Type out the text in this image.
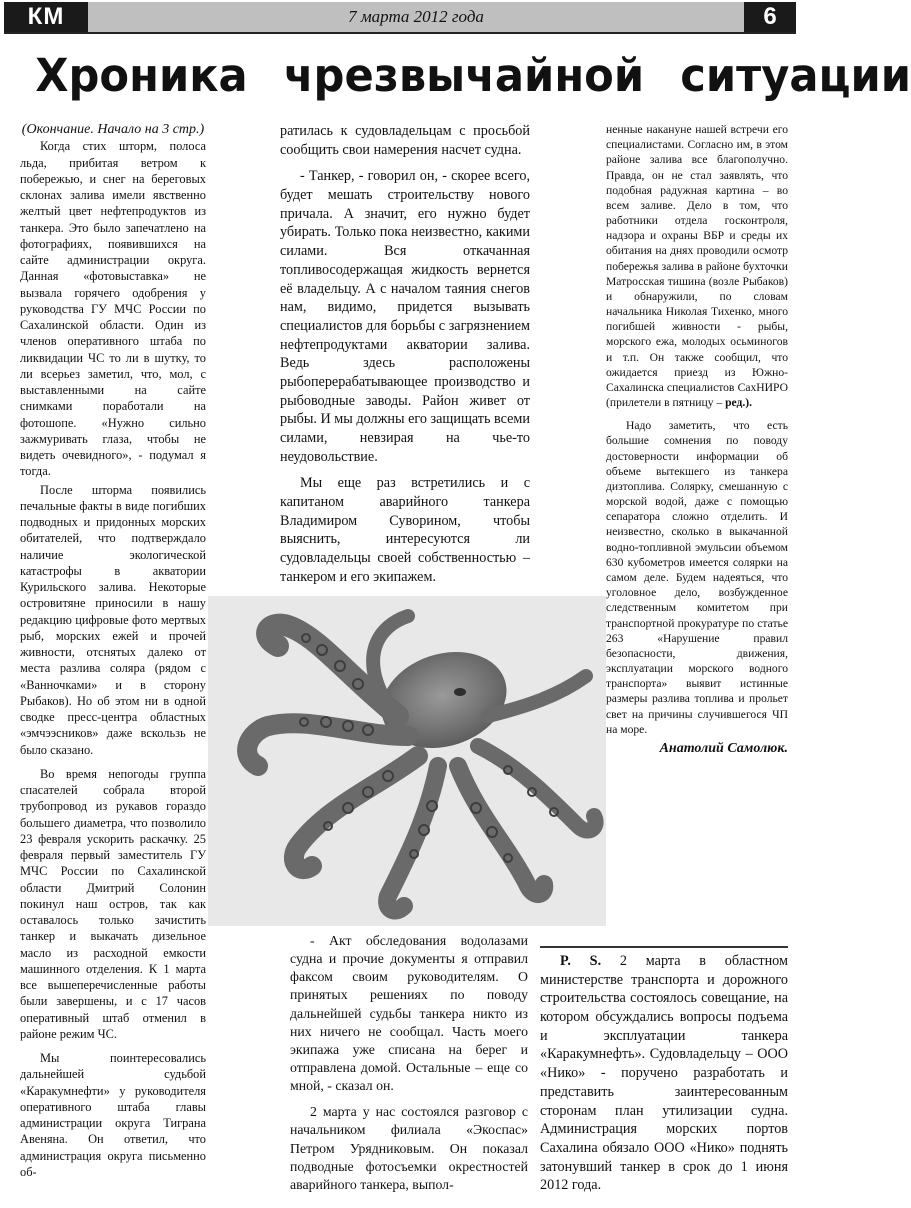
КМ	7 марта 2012 года	6
Хроника чрезвычайной ситуации

(Окончание. Начало на 3 стр.)

Когда стих шторм, полоса льда, прибитая ветром к побережью, и снег на береговых склонах залива имели явственно желтый цвет нефтепродуктов из танкера. Это было запечатлено на фотографиях, появившихся на сайте администрации округа. Данная «фотовыставка» не вызвала горячего одобрения у руководства ГУ МЧС России по Сахалинской области. Один из членов оперативного штаба по ликвидации ЧС то ли в шутку, то ли всерьез заметил, что, мол, с выставленными на сайте снимками поработали на фотошопе. «Нужно сильно зажмуривать глаза, чтобы не видеть очевидного», - подумал я тогда.

После шторма появились печальные факты в виде погибших подводных и придонных морских обитателей, что подтверждало наличие экологической катастрофы в акватории Курильского залива. Некоторые островитяне приносили в нашу редакцию цифровые фото мертвых рыб, морских ежей и прочей живности, отснятых далеко от места разлива соляра (рядом с «Ванночками» и в сторону Рыбаков). Но об этом ни в одной сводке пресс-центра областных «эмчээсников» даже вскользь не было сказано.

Во время непогоды группа спасателей собрала второй трубопровод из рукавов гораздо большего диаметра, что позволило 23 февраля ускорить раскачку. 25 февраля первый заместитель ГУ МЧС России по Сахалинской области Дмитрий Солонин покинул наш остров, так как оставалось только зачистить танкер и выкачать дизельное масло из расходной емкости машинного отделения. К 1 марта все вышеперечисленные работы были завершены, и с 17 часов оперативный штаб отменил в районе режим ЧС.

Мы поинтересовались дальнейшей судьбой «Каракумнефти» у руководителя оперативного штаба главы администрации округа Тиграна Авеняна. Он ответил, что администрация округа письменно об-

ратилась к судовладельцам с просьбой сообщить свои намерения насчет судна.

- Танкер, - говорил он, - скорее всего, будет мешать строительству нового причала. А значит, его нужно будет убирать. Только пока неизвестно, какими силами. Вся откачанная топливосодержащая жидкость вернется её владельцу. А с началом таяния снегов нам, видимо, придется вызывать специалистов для борьбы с загрязнением нефтепродуктами акватории залива. Ведь здесь расположены рыбоперерабатывающее производство и рыбоводные заводы. Район живет от рыбы. И мы должны его защищать всеми силами, невзирая на чье-то неудовольствие.

Мы еще раз встретились и с капитаном аварийного танкера Владимиром Суворином, чтобы выяснить, интересуются ли судовладельцы своей собственностью – танкером и его экипажем.

ненные накануне нашей встречи его специалистами. Согласно им, в этом районе залива все благополучно. Правда, он не стал заявлять, что подобная радужная картина – во всем заливе. Дело в том, что работники отдела госконтроля, надзора и охраны ВБР и среды их обитания на днях проводили осмотр побережья залива в районе бухточки Матросская тишина (возле Рыбаков) и обнаружили, по словам начальника Николая Тихенко, много погибшей живности - рыбы, морского ежа, молодых осьминогов и т.п. Он также сообщил, что ожидается приезд из Южно-Сахалинска специалистов СахНИРО (прилетели в пятницу – ред.).

Надо заметить, что есть большие сомнения по поводу достоверности информации об объеме вытекшего из танкера дизтоплива. Солярку, смешанную с морской водой, даже с помощью сепаратора сложно отделить. И неизвестно, сколько в выкачанной водно-топливной эмульсии объемом 630 кубометров имеется солярки на самом деле. Будем надеяться, что уголовное дело, возбужденное следственным комитетом при транспортной прокуратуре по статье 263 «Нарушение правил безопасности, движения, эксплуатации морского водного транспорта» выявит истинные размеры разлива топлива и прольет свет на причины случившегося ЧП на море.

Анатолий Самолюк.

- Акт обследования водолазами судна и прочие документы я отправил факсом своим руководителям. О принятых решениях по поводу дальнейшей судьбы танкера никто из них ничего не сообщал. Часть моего экипажа уже списана на берег и отправлена домой. Остальные – еще со мной, - сказал он.

2 марта у нас состоялся разговор с начальником филиала «Экоспас» Петром Урядниковым. Он показал подводные фотосъемки окрестностей аварийного танкера, выпол-

P. S. 2 марта в областном министерстве транспорта и дорожного строительства состоялось совещание, на котором обсуждались вопросы подъема и эксплуатации танкера «Каракумнефть». Судовладельцу – ООО «Нико» - поручено разработать и представить заинтересованным сторонам план утилизации судна. Администрация морских портов Сахалина обязало ООО «Нико» поднять затонувший танкер в срок до 1 июня 2012 года.
